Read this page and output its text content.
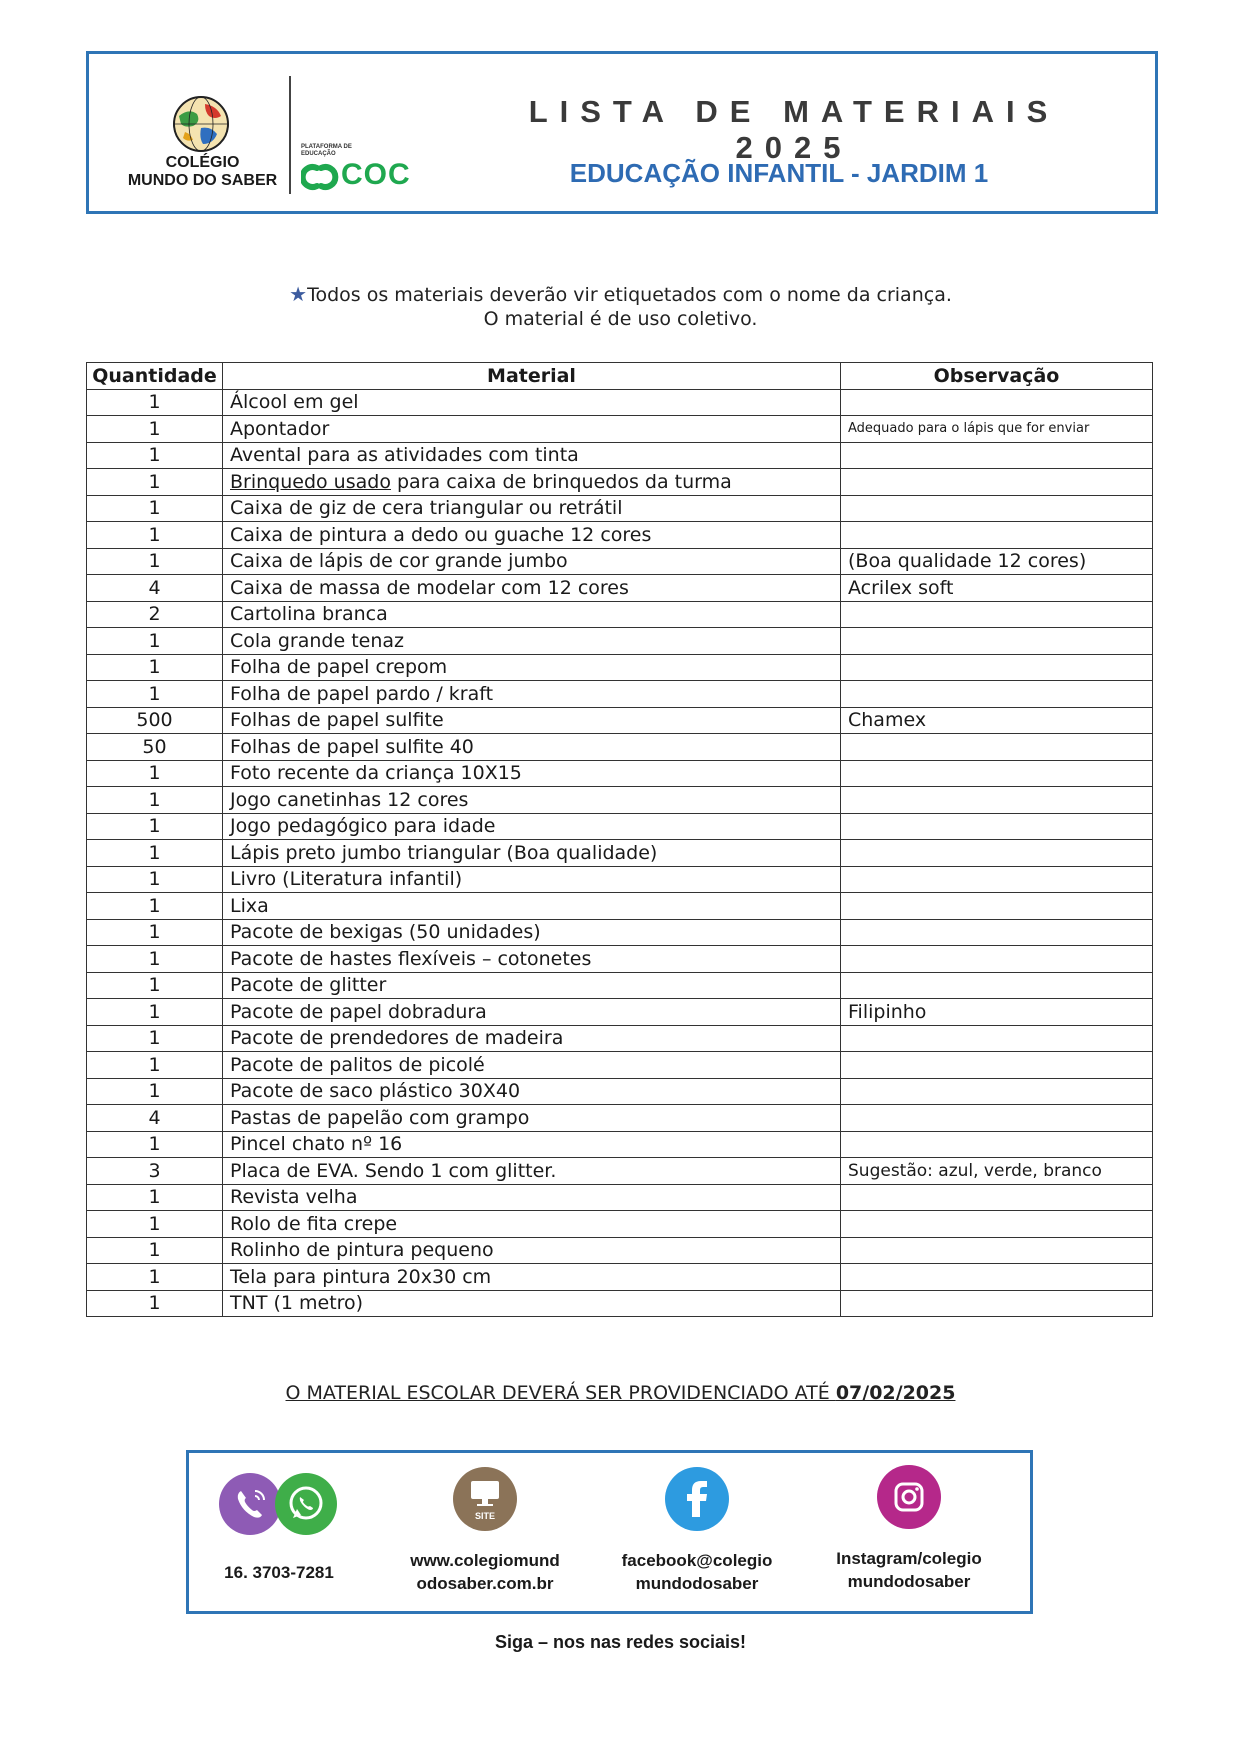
COLÉGIO
MUNDO DO SABER
PLATAFORMA DE EDUCAÇÃO
COC
LISTA DE MATERIAIS 2025
EDUCAÇÃO INFANTIL - JARDIM 1
★Todos os materiais deverão vir etiquetados com o nome da criança.
O material é de uso coletivo.
Quantidade	Material	Observação
1	Álcool em gel	
1	Apontador	Adequado para o lápis que for enviar
1	Avental para as atividades com tinta	
1	Brinquedo usado para caixa de brinquedos da turma	
1	Caixa de giz de cera triangular ou retrátil	
1	Caixa de pintura a dedo ou guache 12 cores	
1	Caixa de lápis de cor grande jumbo	(Boa qualidade 12 cores)
4	Caixa de massa de modelar com 12 cores	Acrilex soft
2	Cartolina branca	
1	Cola grande tenaz	
1	Folha de papel crepom	
1	Folha de papel pardo / kraft	
500	Folhas de papel sulfite	Chamex
50	Folhas de papel sulfite 40	
1	Foto recente da criança 10X15	
1	Jogo canetinhas 12 cores	
1	Jogo pedagógico para idade	
1	Lápis preto jumbo triangular (Boa qualidade)	
1	Livro (Literatura infantil)	
1	Lixa	
1	Pacote de bexigas (50 unidades)	
1	Pacote de hastes flexíveis – cotonetes	
1	Pacote de glitter	
1	Pacote de papel dobradura	Filipinho
1	Pacote de prendedores de madeira	
1	Pacote de palitos de picolé	
1	Pacote de saco plástico 30X40	
4	Pastas de papelão com grampo	
1	Pincel chato nº 16	
3	Placa de EVA. Sendo 1 com glitter.	Sugestão: azul, verde, branco
1	Revista velha	
1	Rolo de fita crepe	
1	Rolinho de pintura pequeno	
1	Tela para pintura 20x30 cm	
1	TNT (1 metro)	
O MATERIAL ESCOLAR DEVERÁ SER PROVIDENCIADO ATÉ 07/02/2025
16. 3703-7281
SITE
www.colegiomund
odosaber.com.br
facebook@colegio
mundodosaber
Instagram/colegio
mundodosaber
Siga – nos nas redes sociais!
